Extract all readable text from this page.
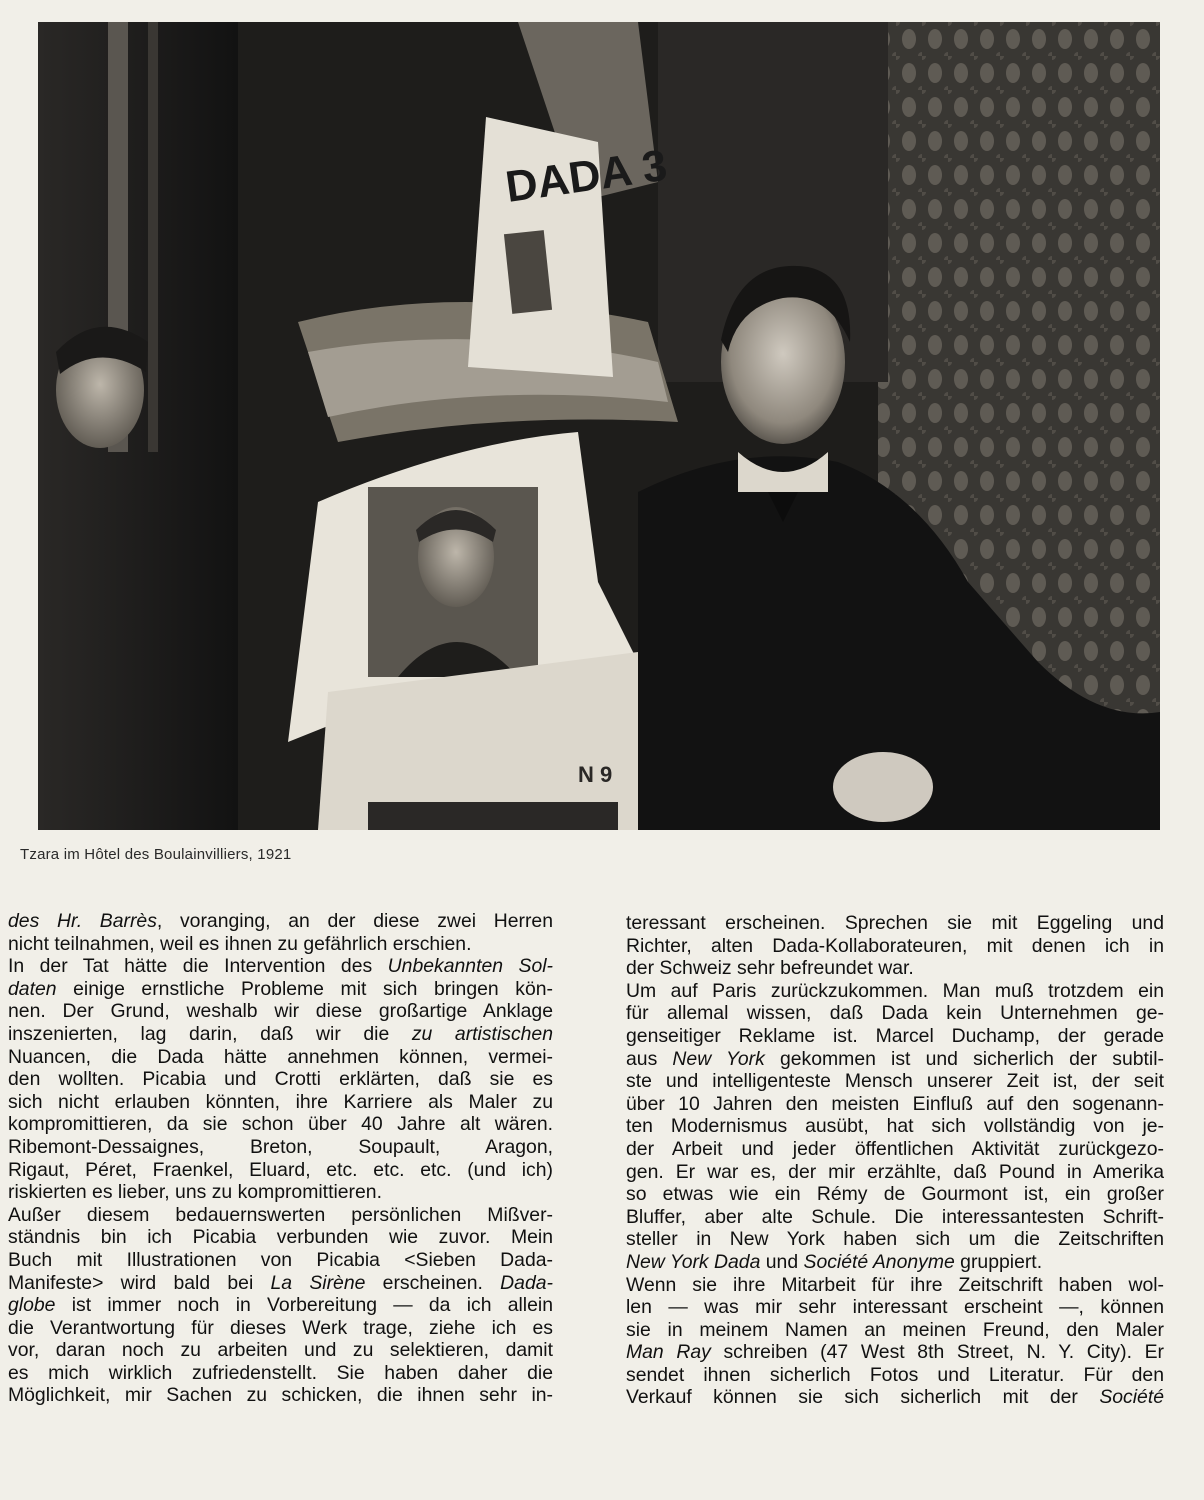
DADA 3
N 9
Tzara im Hôtel des Boulainvilliers, 1921
des Hr. Barrès, voranging, an der diese zwei Herren
nicht teilnahmen, weil es ihnen zu gefährlich erschien.
In der Tat hätte die Intervention des Unbekannten Sol-
daten einige ernstliche Probleme mit sich bringen kön-
nen. Der Grund, weshalb wir diese großartige Anklage
inszenierten, lag darin, daß wir die zu artistischen
Nuancen, die Dada hätte annehmen können, vermei-
den wollten. Picabia und Crotti erklärten, daß sie es
sich nicht erlauben könnten, ihre Karriere als Maler zu
kompromittieren, da sie schon über 40 Jahre alt wären.
Ribemont-Dessaignes, Breton, Soupault, Aragon,
Rigaut, Péret, Fraenkel, Eluard, etc. etc. etc. (und ich)
riskierten es lieber, uns zu kompromittieren.
Außer diesem bedauernswerten persönlichen Mißver-
ständnis bin ich Picabia verbunden wie zuvor. Mein
Buch mit Illustrationen von Picabia <Sieben Dada-
Manifeste> wird bald bei La Sirène erscheinen. Dada-
globe ist immer noch in Vorbereitung — da ich allein
die Verantwortung für dieses Werk trage, ziehe ich es
vor, daran noch zu arbeiten und zu selektieren, damit
es mich wirklich zufriedenstellt. Sie haben daher die
Möglichkeit, mir Sachen zu schicken, die ihnen sehr in-
teressant erscheinen. Sprechen sie mit Eggeling und
Richter, alten Dada-Kollaborateuren, mit denen ich in
der Schweiz sehr befreundet war.
Um auf Paris zurückzukommen. Man muß trotzdem ein
für allemal wissen, daß Dada kein Unternehmen ge-
genseitiger Reklame ist. Marcel Duchamp, der gerade
aus New York gekommen ist und sicherlich der subtil-
ste und intelligenteste Mensch unserer Zeit ist, der seit
über 10 Jahren den meisten Einfluß auf den sogenann-
ten Modernismus ausübt, hat sich vollständig von je-
der Arbeit und jeder öffentlichen Aktivität zurückgezo-
gen. Er war es, der mir erzählte, daß Pound in Amerika
so etwas wie ein Rémy de Gourmont ist, ein großer
Bluffer, aber alte Schule. Die interessantesten Schrift-
steller in New York haben sich um die Zeitschriften
New York Dada und Société Anonyme gruppiert.
Wenn sie ihre Mitarbeit für ihre Zeitschrift haben wol-
len — was mir sehr interessant erscheint —, können
sie in meinem Namen an meinen Freund, den Maler
Man Ray schreiben (47 West 8th Street, N. Y. City). Er
sendet ihnen sicherlich Fotos und Literatur. Für den
Verkauf können sie sich sicherlich mit der Société
